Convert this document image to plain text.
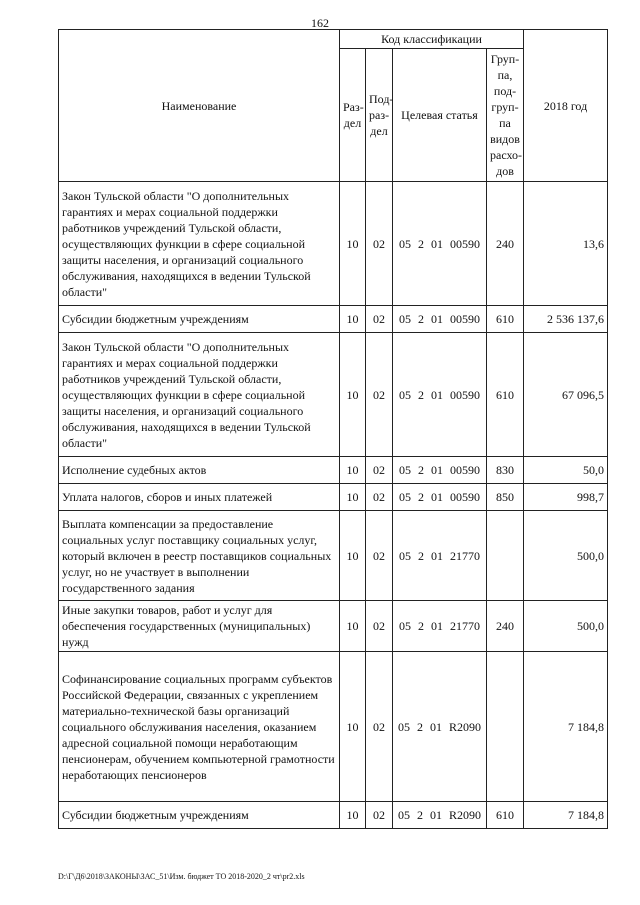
162
Наименование	Код классификации				2018 год
	Раз-дел	Под-раз-дел	Целевая статья	Груп-па, под-груп-па видов расхо-дов	
Закон Тульской области "О дополнительных гарантиях и мерах социальной поддержки работников учреждений Тульской области, осуществляющих функции в сфере социальной защиты населения, и организаций социального обслуживания, находящихся в ведении Тульской области"	10	02	05 2 01 00590	240	13,6
Субсидии бюджетным учреждениям	10	02	05 2 01 00590	610	2 536 137,6
Закон Тульской области "О дополнительных гарантиях и мерах социальной поддержки работников учреждений Тульской области, осуществляющих функции в сфере социальной защиты населения, и организаций социального обслуживания, находящихся в ведении Тульской области"	10	02	05 2 01 00590	610	67 096,5
Исполнение судебных актов	10	02	05 2 01 00590	830	50,0
Уплата налогов, сборов и иных платежей	10	02	05 2 01 00590	850	998,7
Выплата компенсации за предоставление социальных услуг поставщику социальных услуг, который включен в реестр поставщиков социальных услуг, но не участвует в выполнении государственного задания	10	02	05 2 01 21770		500,0
Иные закупки товаров, работ и услуг для обеспечения государственных (муниципальных) нужд	10	02	05 2 01 21770	240	500,0
Софинансирование социальных программ субъектов Российской Федерации, связанных с укреплением материально-технической базы организаций социального обслуживания населения, оказанием адресной социальной помощи неработающим пенсионерам, обучением компьютерной грамотности неработающих пенсионеров	10	02	05 2 01 R2090		7 184,8
Субсидии бюджетным учреждениям	10	02	05 2 01 R2090	610	7 184,8
D:\Г\Д6\2018\ЗАКОНЫ\ЗАС_51\Изм. бюджет ТО 2018-2020_2 чт\pr2.xls
